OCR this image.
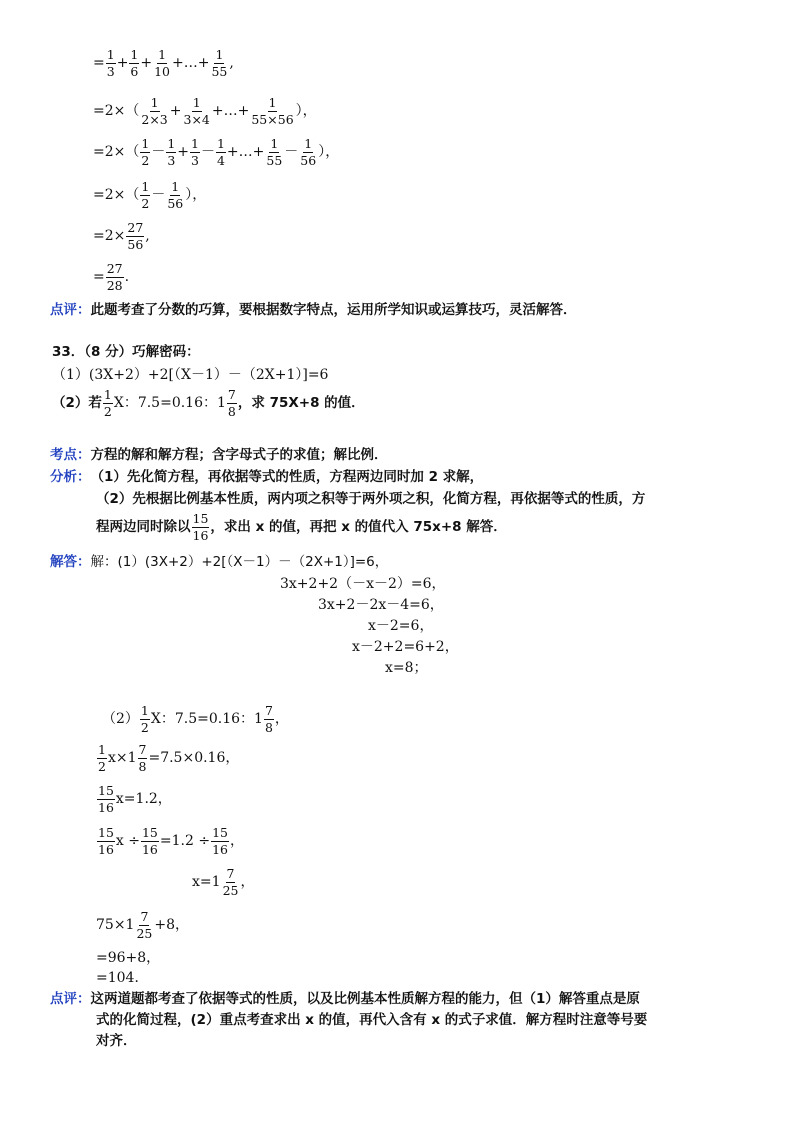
= $\frac{1}{3} + \frac{1}{6} + \frac{1}{10}$ +…+ $\frac{1}{55}$ ,
$=2\times( \frac{1}{2\times 3} + \frac{1}{3\times 4}$ +…+ $\frac{1}{55\times 56}$ ），
$=2\times( \frac{1}{2} - \frac{1}{3} + \frac{1}{3} - \frac{1}{4}$ +…+ $\frac{1}{55} - \frac{1}{56}$ ），
$=2\times( \frac{1}{2} - \frac{1}{56}$ ），
$=2\times \frac{27}{56}$ ,
= $\frac{27}{28}$ .
点评： 此题考查了分数的巧算，要根据数字特点，运用所学知识或运算技巧，灵活解答．
33．（8 分）巧解密码：
（1）(3X+2）+2[（X－1）－（2X+1）]=6
（2）若 $\frac{1}{2}$ X：7.5=0.16： $1 \frac{7}{8}$ ，求 75X+8 的值．
考点： 方程的解和解方程；含字母式子的求值；解比例．
分析： （1）先化简方程，再依据等式的性质，方程两边同时加 2 求解，
（2）先根据比例基本性质，两内项之积等于两外项之积，化简方程，再依据等式的性质，方
程两边同时除以 $\frac{15}{16}$ ，求出 x 的值，再把 x 的值代入 75x+8 解答．
解答： 解：(1）(3X+2）+2[（X－1）－（2X+1）]=6，
3x+2+2（－x－2）=6，
3x+2－2x－4=6，
x－2=6，
x－2+2=6+2，
x=8；
$(2) \frac{1}{2}$ X：7.5=0.16： $1 \frac{7}{8}$ ，
$\frac{1}{2} x\times 1 \frac{7}{8} =7.5\times 0.16$，
$\frac{15}{16} x=1.2$，
$\frac{15}{16}$ $x \div \frac{15}{16} =1.2 \div \frac{15}{16}$ ，
$x= 1 \frac{7}{25}$ ，
$75\times 1 \frac{7}{25} +8$，
=96+8，
=104．
点评： 这两道题都考查了依据等式的性质，以及比例基本性质解方程的能力，但（1）解答重点是原
式的化简过程，(2）重点考查求出 x 的值，再代入含有 x 的式子求值．解方程时注意等号要
对齐．
